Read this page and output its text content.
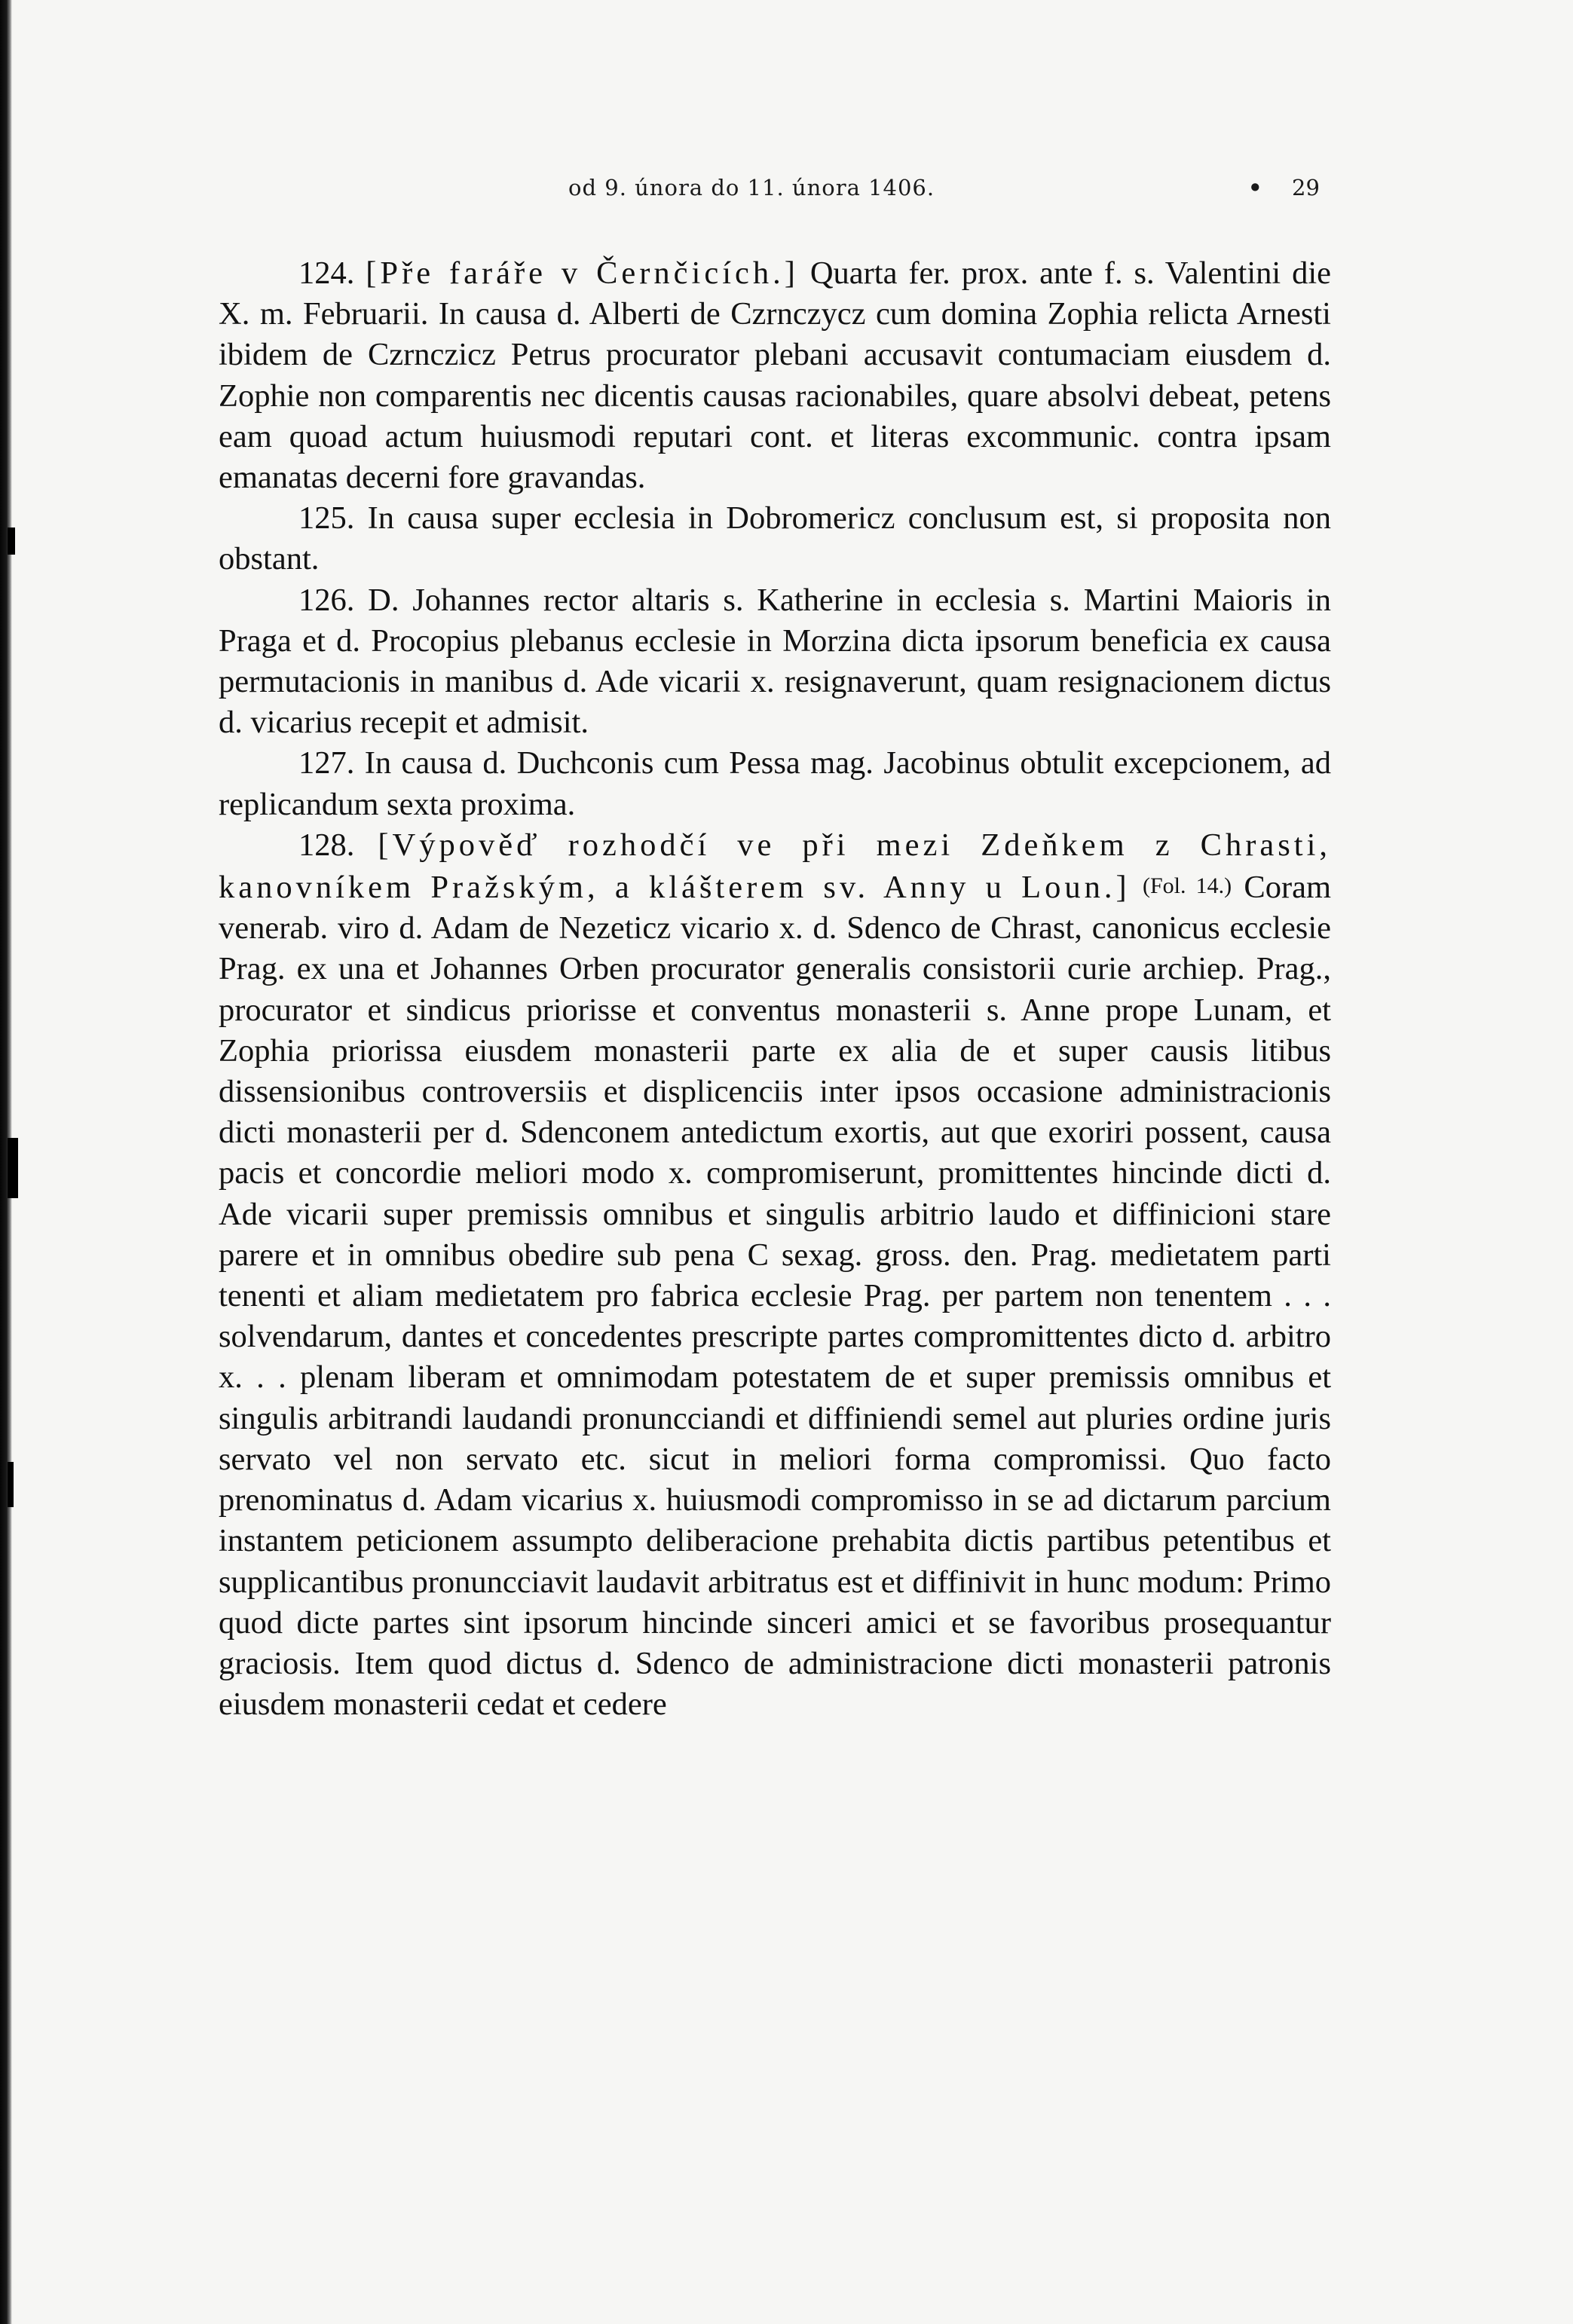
od 9. února do 11. února 1406.	• 29

124. [Pře faráře v Černčicích.] Quarta fer. prox. ante f. s. Valentini die X. m. Februarii. In causa d. Alberti de Czrnczycz cum domina Zophia relicta Arnesti ibidem de Czrnczicz Petrus procurator plebani accusavit contumaciam eiusdem d. Zophie non comparentis nec dicentis causas racionabiles, quare absolvi debeat, petens eam quoad actum huiusmodi reputari cont. et literas excommunic. contra ipsam emanatas decerni fore gravandas.

125. In causa super ecclesia in Dobromericz conclusum est, si proposita non obstant.

126. D. Johannes rector altaris s. Katherine in ecclesia s. Martini Maioris in Praga et d. Procopius plebanus ecclesie in Morzina dicta ipsorum beneficia ex causa permutacionis in manibus d. Ade vicarii x. resignaverunt, quam resignacionem dictus d. vicarius recepit et admisit.

127. In causa d. Duchconis cum Pessa mag. Jacobinus obtulit excepcionem, ad replicandum sexta proxima.

128. [Výpověď rozhodčí ve při mezi Zdeňkem z Chrasti, kanovníkem Pražským, a klášterem sv. Anny u Loun.] (Fol. 14.) Coram venerab. viro d. Adam de Nezeticz vicario x. d. Sdenco de Chrast, canonicus ecclesie Prag. ex una et Johannes Orben procurator generalis consistorii curie archiep. Prag., procurator et sindicus priorisse et conventus monasterii s. Anne prope Lunam, et Zophia priorissa eiusdem monasterii parte ex alia de et super causis litibus dissensionibus controversiis et displicenciis inter ipsos occasione administracionis dicti monasterii per d. Sdenconem antedictum exortis, aut que exoriri possent, causa pacis et concordie meliori modo x. compromiserunt, promittentes hincinde dicti d. Ade vicarii super premissis omnibus et singulis arbitrio laudo et diffinicioni stare parere et in omnibus obedire sub pena C sexag. gross. den. Prag. medietatem parti tenenti et aliam medietatem pro fabrica ecclesie Prag. per partem non tenentem . . . solvendarum, dantes et concedentes prescripte partes compromittentes dicto d. arbitro x. . . plenam liberam et omnimodam potestatem de et super premissis omnibus et singulis arbitrandi laudandi pronuncciandi et diffiniendi semel aut pluries ordine juris servato vel non servato etc. sicut in meliori forma compromissi. Quo facto prenominatus d. Adam vicarius x. huiusmodi compromisso in se ad dictarum parcium instantem peticionem assumpto deliberacione prehabita dictis partibus petentibus et supplicantibus pronuncciavit laudavit arbitratus est et diffinivit in hunc modum: Primo quod dicte partes sint ipsorum hincinde sinceri amici et se favoribus prosequantur graciosis. Item quod dictus d. Sdenco de administracione dicti monasterii patronis eiusdem monasterii cedat et cedere
